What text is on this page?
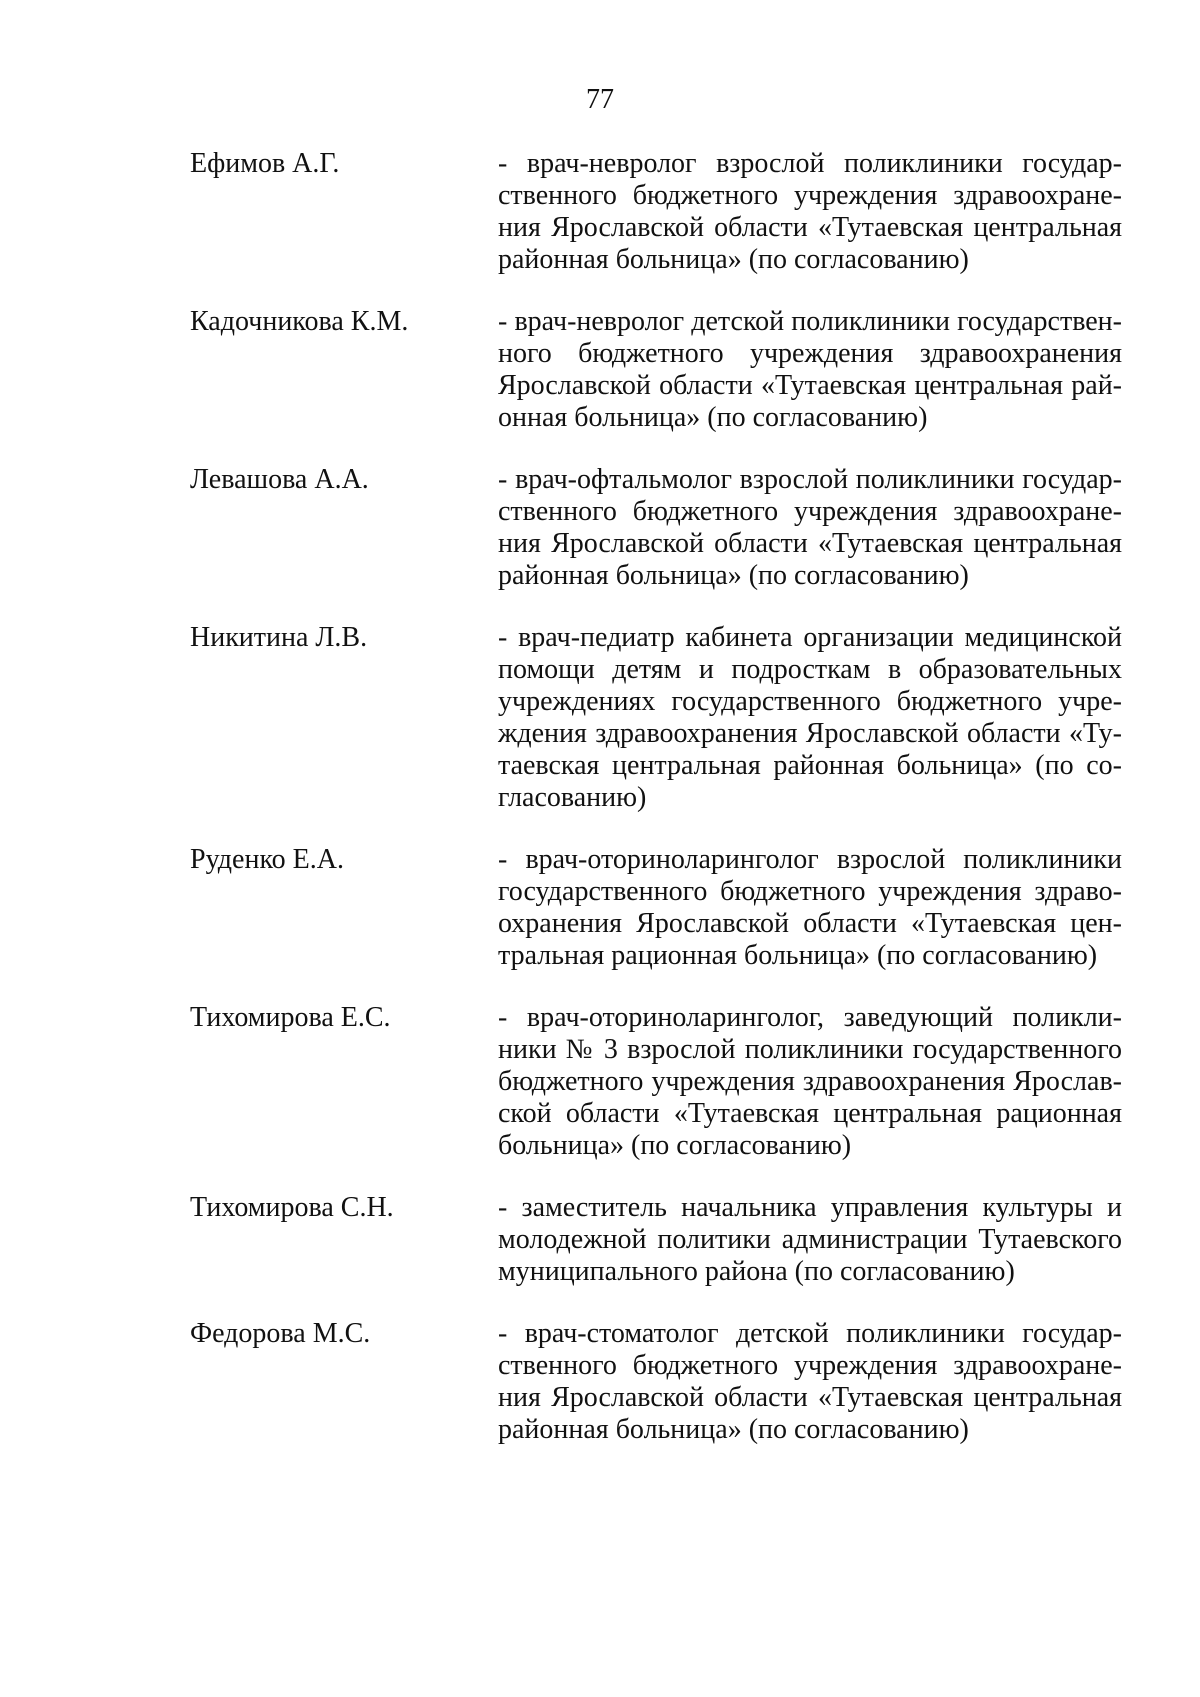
77
Ефимов А.Г.	- врач-невролог взрослой поликлиники государ-
ственного бюджетного учреждения здравоохране-
ния Ярославской области «Тутаевская центральная
районная больница» (по согласованию)
Кадочникова К.М.	- врач-невролог детской поликлиники государствен-
ного бюджетного учреждения здравоохранения
Ярославской области «Тутаевская центральная рай-
онная больница» (по согласованию)
Левашова А.А.	- врач-офтальмолог взрослой поликлиники государ-
ственного бюджетного учреждения здравоохране-
ния Ярославской области «Тутаевская центральная
районная больница» (по согласованию)
Никитина Л.В.	- врач-педиатр кабинета организации медицинской
помощи детям и подросткам в образовательных
учреждениях государственного бюджетного учре-
ждения здравоохранения Ярославской области «Ту-
таевская центральная районная больница» (по со-
гласованию)
Руденко Е.А.	- врач-оториноларинголог взрослой поликлиники
государственного бюджетного учреждения здраво-
охранения Ярославской области «Тутаевская цен-
тральная рационная больница» (по согласованию)
Тихомирова Е.С.	- врач-оториноларинголог, заведующий поликли-
ники № 3 взрослой поликлиники государственного
бюджетного учреждения здравоохранения Ярослав-
ской области «Тутаевская центральная рационная
больница» (по согласованию)
Тихомирова С.Н.	- заместитель начальника управления культуры и
молодежной политики администрации Тутаевского
муниципального района (по согласованию)
Федорова М.С.	- врач-стоматолог детской поликлиники государ-
ственного бюджетного учреждения здравоохране-
ния Ярославской области «Тутаевская центральная
районная больница» (по согласованию)
